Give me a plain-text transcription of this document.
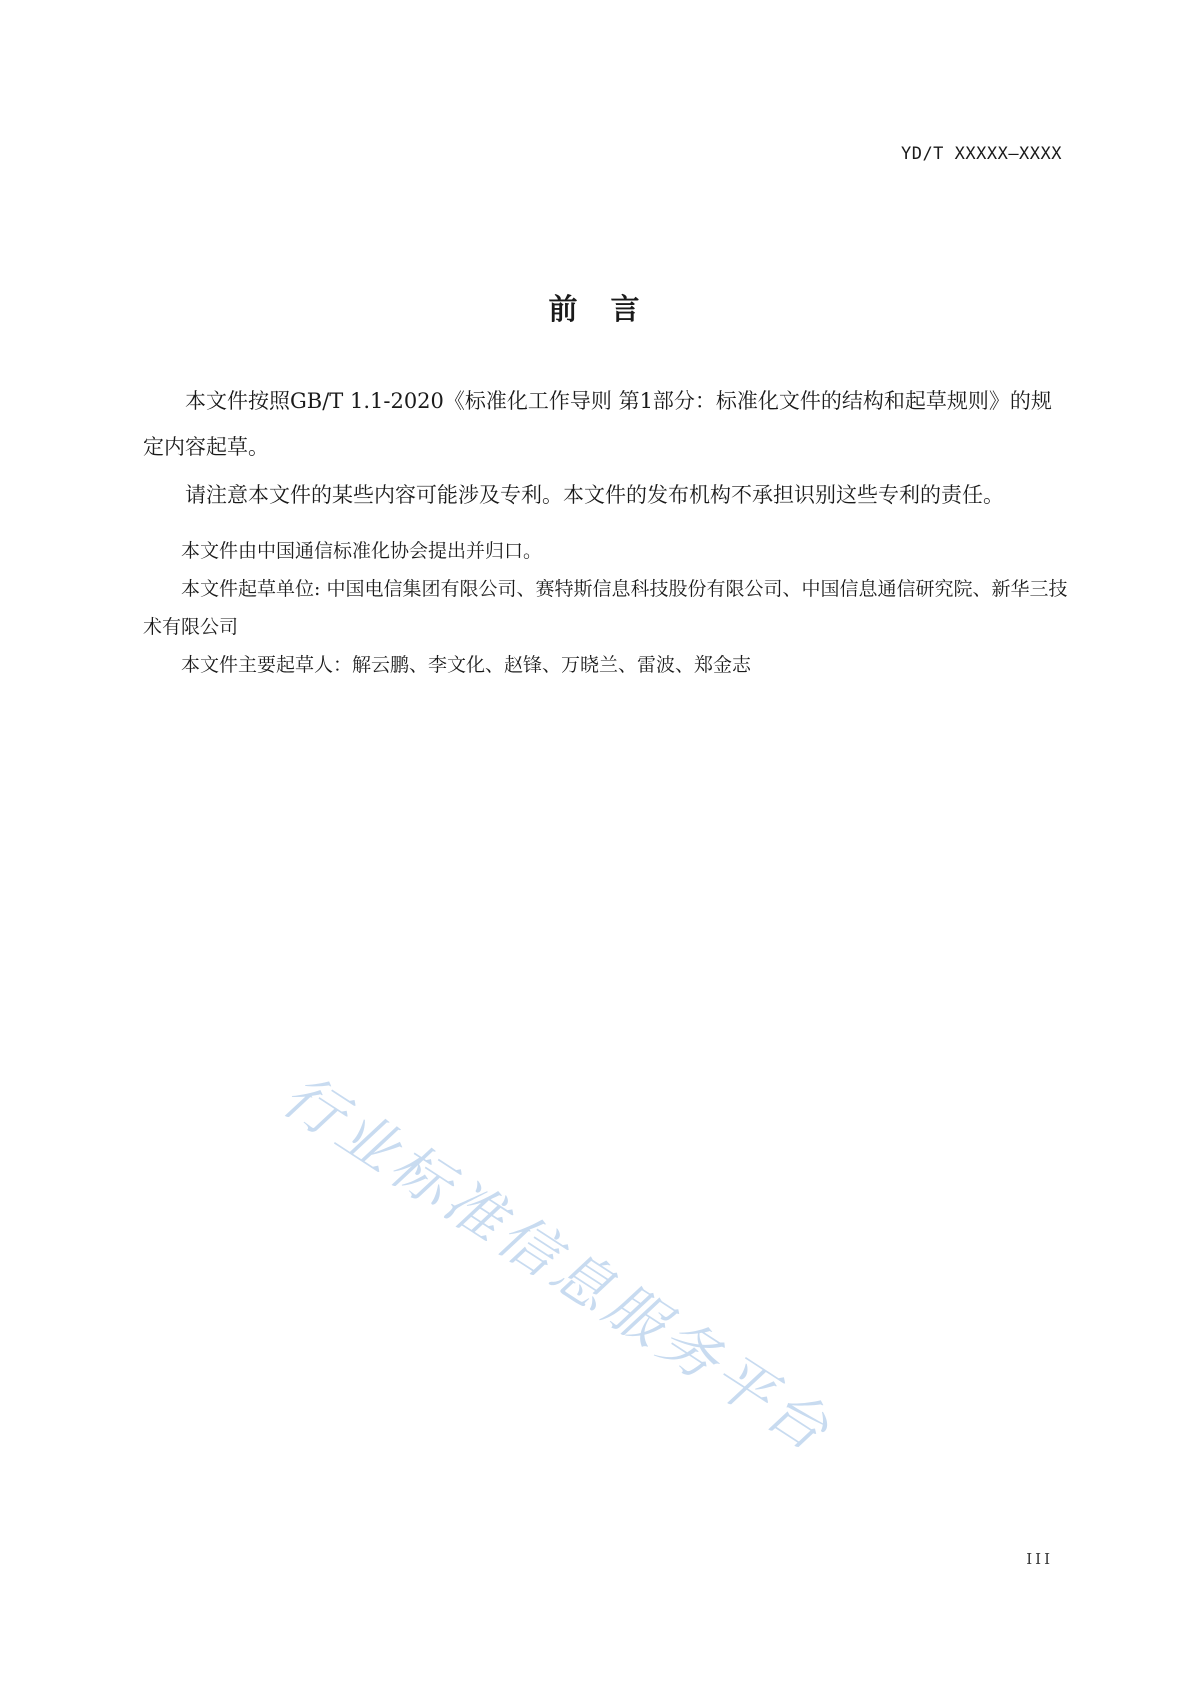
YD/T XXXXX—XXXX
前　言

本文件按照GB/T 1.1-2020《标准化工作导则 第1部分：标准化文件的结构和起草规则》的规定内容起草。

请注意本文件的某些内容可能涉及专利。本文件的发布机构不承担识别这些专利的责任。

本文件由中国通信标准化协会提出并归口。

本文件起草单位: 中国电信集团有限公司、赛特斯信息科技股份有限公司、中国信息通信研究院、新华三技术有限公司

本文件主要起草人：解云鹏、李文化、赵锋、万晓兰、雷波、郑金志

行业标准信息服务平台
III
